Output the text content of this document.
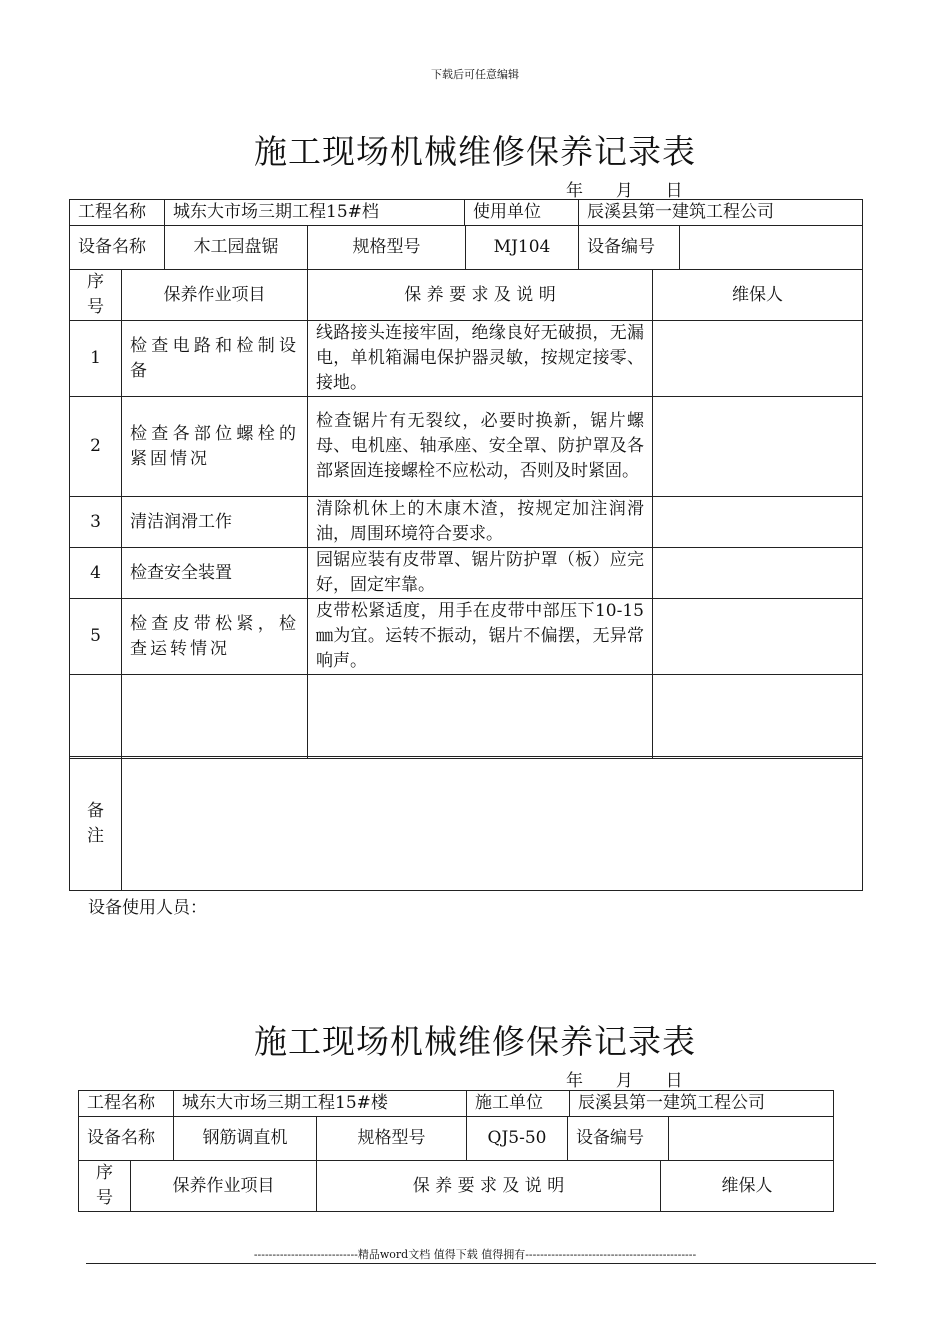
下载后可任意编辑
施工现场机械维修保养记录表
年 月 日
工程名称	城东大市场三期工程15#档	使用单位	辰溪县第一建筑工程公司
设备名称	木工园盘锯	规格型号	MJ104	设备编号	
序
号	保养作业项目	保 养 要 求 及 说 明	维保人
1	检查电路和检制设备	线路接头连接牢固，绝缘良好无破损，无漏电，单机箱漏电保护器灵敏，按规定接零、接地。	
2	检查各部位螺栓的紧固情况	检查锯片有无裂纹，必要时换新，锯片螺母、电机座、轴承座、安全罩、防护罩及各部紧固连接螺栓不应松动，否则及时紧固。	
3	清洁润滑工作	清除机休上的木康木渣，按规定加注润滑油，周围环境符合要求。	
4	检查安全装置	园锯应装有皮带罩、锯片防护罩（板）应完好，固定牢靠。	
5	检查皮带松紧，检查运转情况	皮带松紧适度，用手在皮带中部压下10-15㎜为宜。运转不振动，锯片不偏摆，无异常响声。	

备
注	
设备使用人员：
施工现场机械维修保养记录表
年 月 日
工程名称	城东大市场三期工程15#楼	施工单位	辰溪县第一建筑工程公司
设备名称	钢筋调直机	规格型号	QJ5-50	设备编号	
序
号	保养作业项目	保 养 要 求 及 说 明	维保人
----------------------------精品word文档 值得下载 值得拥有----------------------------------------------
